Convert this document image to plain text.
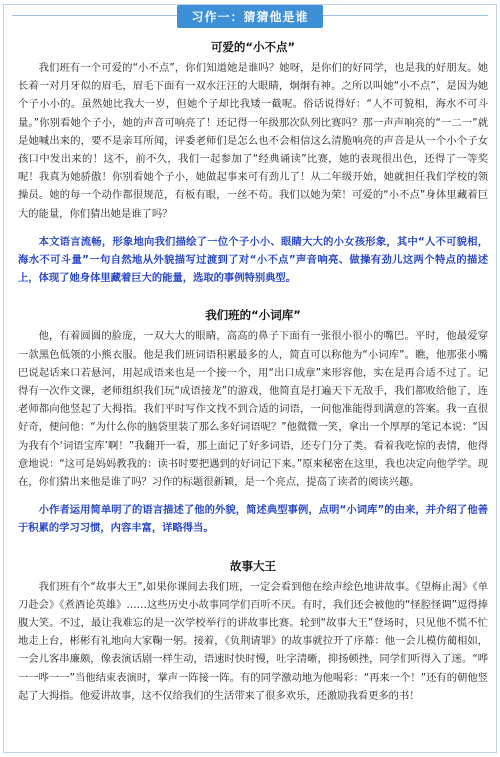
习作一：猜猜他是谁
可爱的“小不点”

我们班有一个可爱的“小不点”，你们知道她是谁吗？她呀，是你们的好同学，也是我的好朋友。她长着一对月牙似的眉毛，眉毛下面有一双水汪汪的大眼睛，炯炯有神。之所以叫她“小不点”，是因为她个子小小的。虽然她比我大一岁，但她个子却比我矮一截呢。俗话说得好：“人不可貌相，海水不可斗量。”你别看她个子小，她的声音可响亮了！还记得一年级那次队列比赛吗？那一声声响亮的“一二一”就是她喊出来的，要不是亲耳所闻，评委老师们是怎么也不会相信这么清脆响亮的声音是从一个小个子女孩口中发出来的！这不，前不久，我们一起参加了“经典诵读”比赛，她的表现很出色，还得了一等奖呢！我真为她骄傲！你别看她个子小，她做起事来可有劲儿了！从二年级开始，她就担任我们学校的领操员。她的每一个动作都很规范，有板有眼，一丝不苟。我们以她为荣！可爱的“小不点”身体里藏着巨大的能量，你们猜出她是谁了吗？

本文语言流畅，形象地向我们描绘了一位个子小小、眼睛大大的小女孩形象，其中“人不可貌相，海水不可斗量”一句自然地从外貌描写过渡到了对“小不点”声音响亮、做操有劲儿这两个特点的描述上，体现了她身体里藏着巨大的能量，选取的事例特别典型。

我们班的“小词库”

他，有着圆圆的脸庞，一双大大的眼睛，高高的鼻子下面有一张很小很小的嘴巴。平时，他最爱穿一款黑色低领的小熊衣服。他是我们班词语积累最多的人，简直可以称他为“小词库”。瞧，他那张小嘴巴说起话来口若悬河，用起成语来也是一个接一个，用“出口成章”来形容他，实在是再合适不过了。记得有一次作文课，老师组织我们玩“成语接龙”的游戏，他简直是打遍天下无敌手，我们都败给他了，连老师都向他竖起了大拇指。我们平时写作文找不到合适的词语，一问他准能得到满意的答案。我一直很好奇，便问他：“为什么你的脑袋里装了那么多好词语呢？”他微微一笑，拿出一个厚厚的笔记本说：“因为我有个‘词语宝库’啊！”我翻开一看，那上面记了好多词语，还专门分了类。看着我吃惊的表情，他得意地说：“这可是妈妈教我的：读书时要把遇到的好词记下来。”原来秘密在这里，我也决定向他学学。现在，你们猜出来他是谁了吗？习作的标题很新颖，是一个亮点，提高了读者的阅读兴趣。

小作者运用简单明了的语言描述了他的外貌，简述典型事例，点明“小词库”的由来，并介绍了他善于积累的学习习惯，内容丰富，详略得当。

故事大王

我们班有个“故事大王”,如果你课间去我们班，一定会看到他在绘声绘色地讲故事。《望梅止渴》《单刀赴会》《煮酒论英雄》……这些历史小故事同学们百听不厌。有时，我们还会被他的“怪腔怪调”逗得捧腹大笑。不过，最让我难忘的是一次学校举行的讲故事比赛。轮到“故事大王”登场时，只见他不慌不忙地走上台，彬彬有礼地向大家鞠一躬。接着，《负荆请罪》的故事就拉开了序幕：他一会儿模仿蔺相如，一会儿客串廉颇，像表演话剧一样生动，语速时快时慢，吐字清晰，抑扬顿挫，同学们听得入了迷。“哗一一哗一一”当他结束表演时，掌声一阵接一阵。有的同学激动地为他喝彩：“再来一个！”还有的朝他竖起了大拇指。他爱讲故事，这不仅给我们的生活带来了很多欢乐，还激励我看更多的书！
